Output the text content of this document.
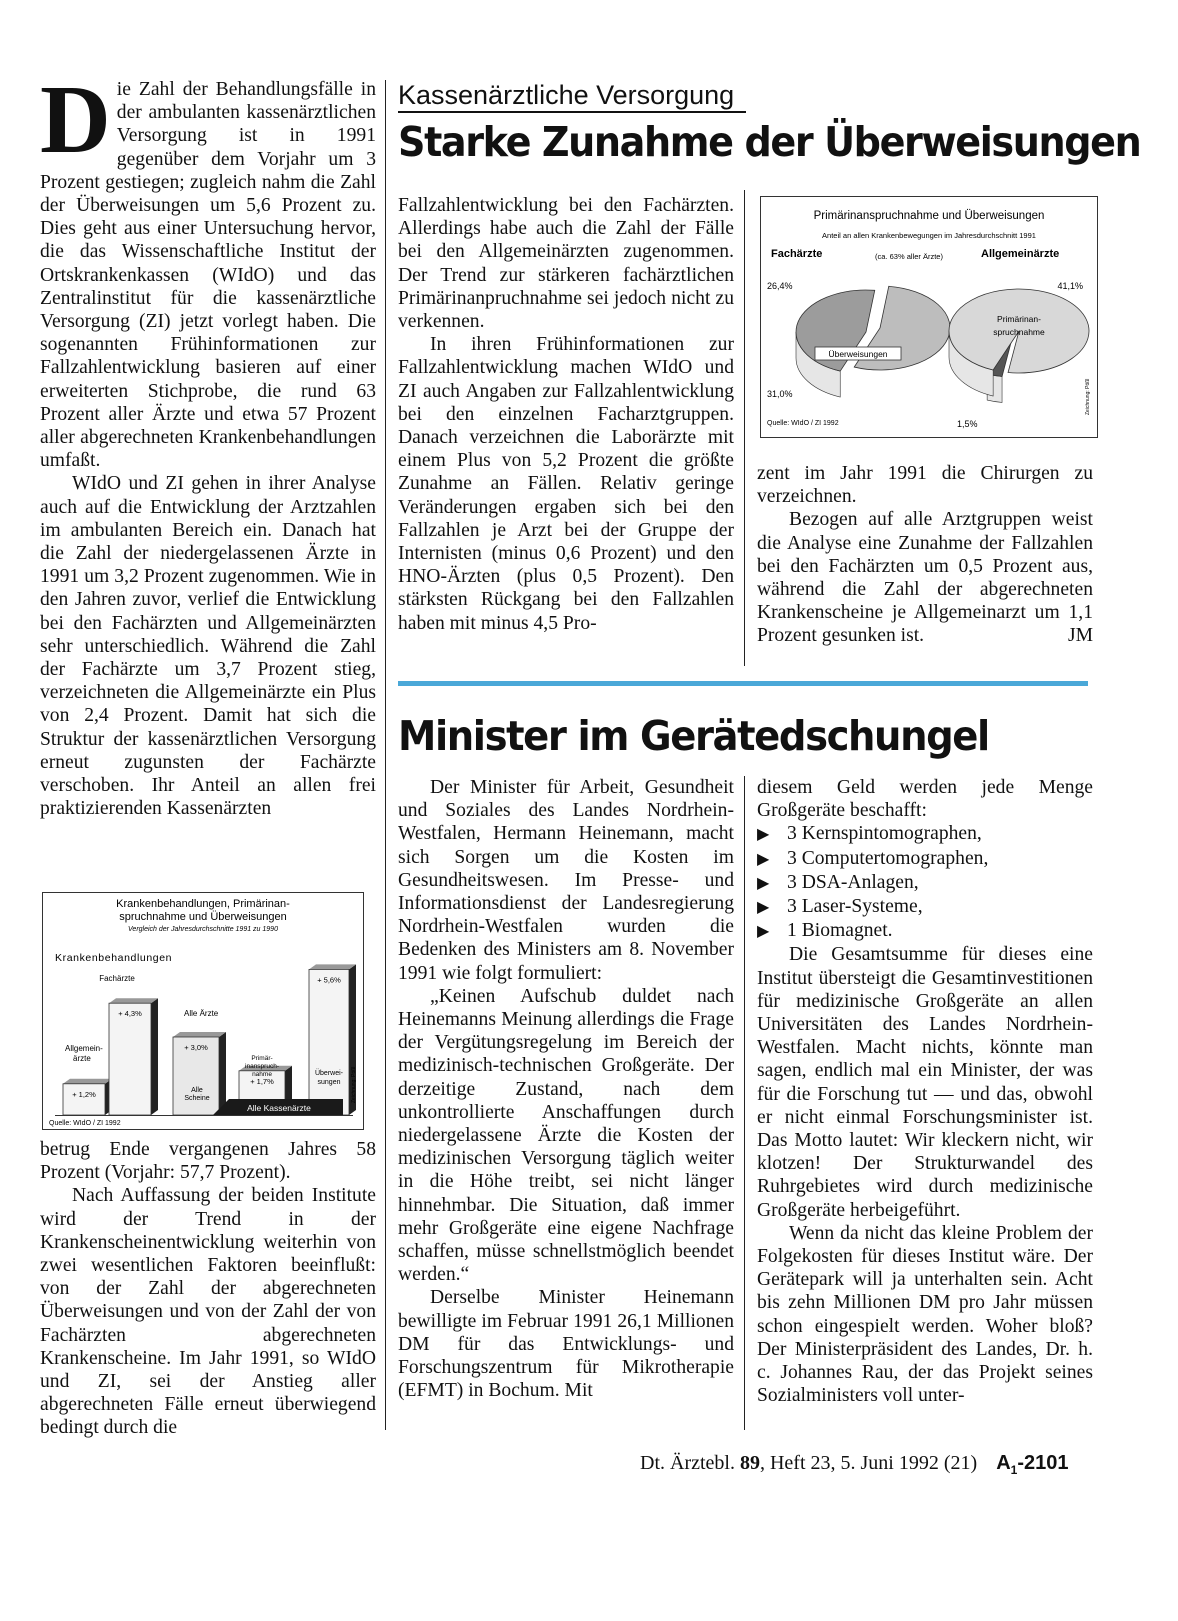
Die Zahl der Behandlungsfälle in der ambulanten kassenärztlichen Versorgung ist in 1991 gegenüber dem Vorjahr um 3 Prozent gestiegen; zugleich nahm die Zahl der Überweisungen um 5,6 Prozent zu. Dies geht aus einer Untersuchung hervor, die das Wissenschaftliche Institut der Ortskrankenkassen (WIdO) und das Zentralinstitut für die kassenärztliche Versorgung (ZI) jetzt vorlegt haben. Die sogenannten Frühinformationen zur Fallzahlentwicklung basieren auf einer erweiterten Stichprobe, die rund 63 Prozent aller Ärzte und etwa 57 Prozent aller abgerechneten Krankenbehandlungen umfaßt.

WIdO und ZI gehen in ihrer Analyse auch auf die Entwicklung der Arztzahlen im ambulanten Bereich ein. Danach hat die Zahl der niedergelassenen Ärzte in 1991 um 3,2 Prozent zugenommen. Wie in den Jahren zuvor, verlief die Entwicklung bei den Fachärzten und Allgemeinärzten sehr unterschiedlich. Während die Zahl der Fachärzte um 3,7 Prozent stieg, verzeichneten die Allgemeinärzte ein Plus von 2,4 Prozent. Damit hat sich die Struktur der kassenärztlichen Versorgung erneut zugunsten der Fachärzte verschoben. Ihr Anteil an allen frei praktizierenden Kassenärzten

Krankenbehandlungen, Primärinan-
spruchnahme und Überweisungen
Vergleich der Jahresdurchschnitte 1991 zu 1990
Krankenbehandlungen
+ 1,2%
+ 4,3%
+ 3,0%
+ 1,7%
+ 5,6%
Fachärzte
Allgemein-
ärzte
Alle Ärzte
Alle
Scheine
Primär-
inanspruch-
nahme	Überwei-
sungen
Alle Kassenärzte
Quelle: WIdO / ZI 1992
Zeichnung: Pößl

betrug Ende vergangenen Jahres 58 Prozent (Vorjahr: 57,7 Prozent).

Nach Auffassung der beiden Institute wird der Trend in der Krankenscheinentwicklung weiterhin von zwei wesentlichen Faktoren beeinflußt: von der Zahl der abgerechneten Überweisungen und von der Zahl der von Fachärzten abgerechneten Krankenscheine. Im Jahr 1991, so WIdO und ZI, sei der Anstieg aller abgerechneten Fälle erneut überwiegend bedingt durch die

Kassenärztliche Versorgung
Starke Zunahme der Überweisungen

Fallzahlentwicklung bei den Fachärzten. Allerdings habe auch die Zahl der Fälle bei den Allgemeinärzten zugenommen. Der Trend zur stärkeren fachärztlichen Primärinanpruchnahme sei jedoch nicht zu verkennen.

In ihren Frühinformationen zur Fallzahlentwicklung machen WIdO und ZI auch Angaben zur Fallzahlentwicklung bei den einzelnen Facharztgruppen. Danach verzeichnen die Laborärzte mit einem Plus von 5,2 Prozent die größte Zunahme an Fällen. Relativ geringe Veränderungen ergaben sich bei den Fallzahlen je Arzt bei der Gruppe der Internisten (minus 0,6 Prozent) und den HNO-Ärzten (plus 0,5 Prozent). Den stärksten Rückgang bei den Fallzahlen haben mit minus 4,5 Pro-

Primärinanspruchnahme und Überweisungen
Anteil an allen Krankenbewegungen im Jahresdurchschnitt 1991
Fachärzte	(ca. 63% aller Ärzte)	Allgemeinärzte
26,4%
31,0%
Überweisungen
41,1%
Primärinan-
spruchnahme
1,5%
Quelle: WIdO / ZI 1992
Zeichnung: Pößl

zent im Jahr 1991 die Chirurgen zu verzeichnen.

Bezogen auf alle Arztgruppen weist die Analyse eine Zunahme der Fallzahlen bei den Fachärzten um 0,5 Prozent aus, während die Zahl der abgerechneten Krankenscheine je Allgemeinarzt um 1,1 Prozent gesunken ist.	JM

Minister im Gerätedschungel

Der Minister für Arbeit, Gesundheit und Soziales des Landes Nordrhein-Westfalen, Hermann Heinemann, macht sich Sorgen um die Kosten im Gesundheitswesen. Im Presse- und Informationsdienst der Landesregierung Nordrhein-Westfalen wurden die Bedenken des Ministers am 8. November 1991 wie folgt formuliert:

„Keinen Aufschub duldet nach Heinemanns Meinung allerdings die Frage der Vergütungsregelung im Bereich der medizinisch-technischen Großgeräte. Der derzeitige Zustand, nach dem unkontrollierte Anschaffungen durch niedergelassene Ärzte die Kosten der medizinischen Versorgung täglich weiter in die Höhe treibt, sei nicht länger hinnehmbar. Die Situation, daß immer mehr Großgeräte eine eigene Nachfrage schaffen, müsse schnellstmöglich beendet werden.“

Derselbe Minister Heinemann bewilligte im Februar 1991 26,1 Millionen DM für das Entwicklungs- und Forschungszentrum für Mikrotherapie (EFMT) in Bochum. Mit

diesem Geld werden jede Menge Großgeräte beschafft:

▶ 3 Kernspintomographen,
▶ 3 Computertomographen,
▶ 3 DSA-Anlagen,
▶ 3 Laser-Systeme,
▶ 1 Biomagnet.

Die Gesamtsumme für dieses eine Institut übersteigt die Gesamtinvestitionen für medizinische Großgeräte an allen Universitäten des Landes Nordrhein-Westfalen. Macht nichts, könnte man sagen, endlich mal ein Minister, der was für die Forschung tut — und das, obwohl er nicht einmal Forschungsminister ist. Das Motto lautet: Wir kleckern nicht, wir klotzen! Der Strukturwandel des Ruhrgebietes wird durch medizinische Großgeräte herbeigeführt.

Wenn da nicht das kleine Problem der Folgekosten für dieses Institut wäre. Der Gerätepark will ja unterhalten sein. Acht bis zehn Millionen DM pro Jahr müssen schon eingespielt werden. Woher bloß? Der Ministerpräsident des Landes, Dr. h. c. Johannes Rau, der das Projekt seines Sozialministers voll unter-

Dt. Ärztebl. 89, Heft 23, 5. Juni 1992 (21) $A_1-2101$
